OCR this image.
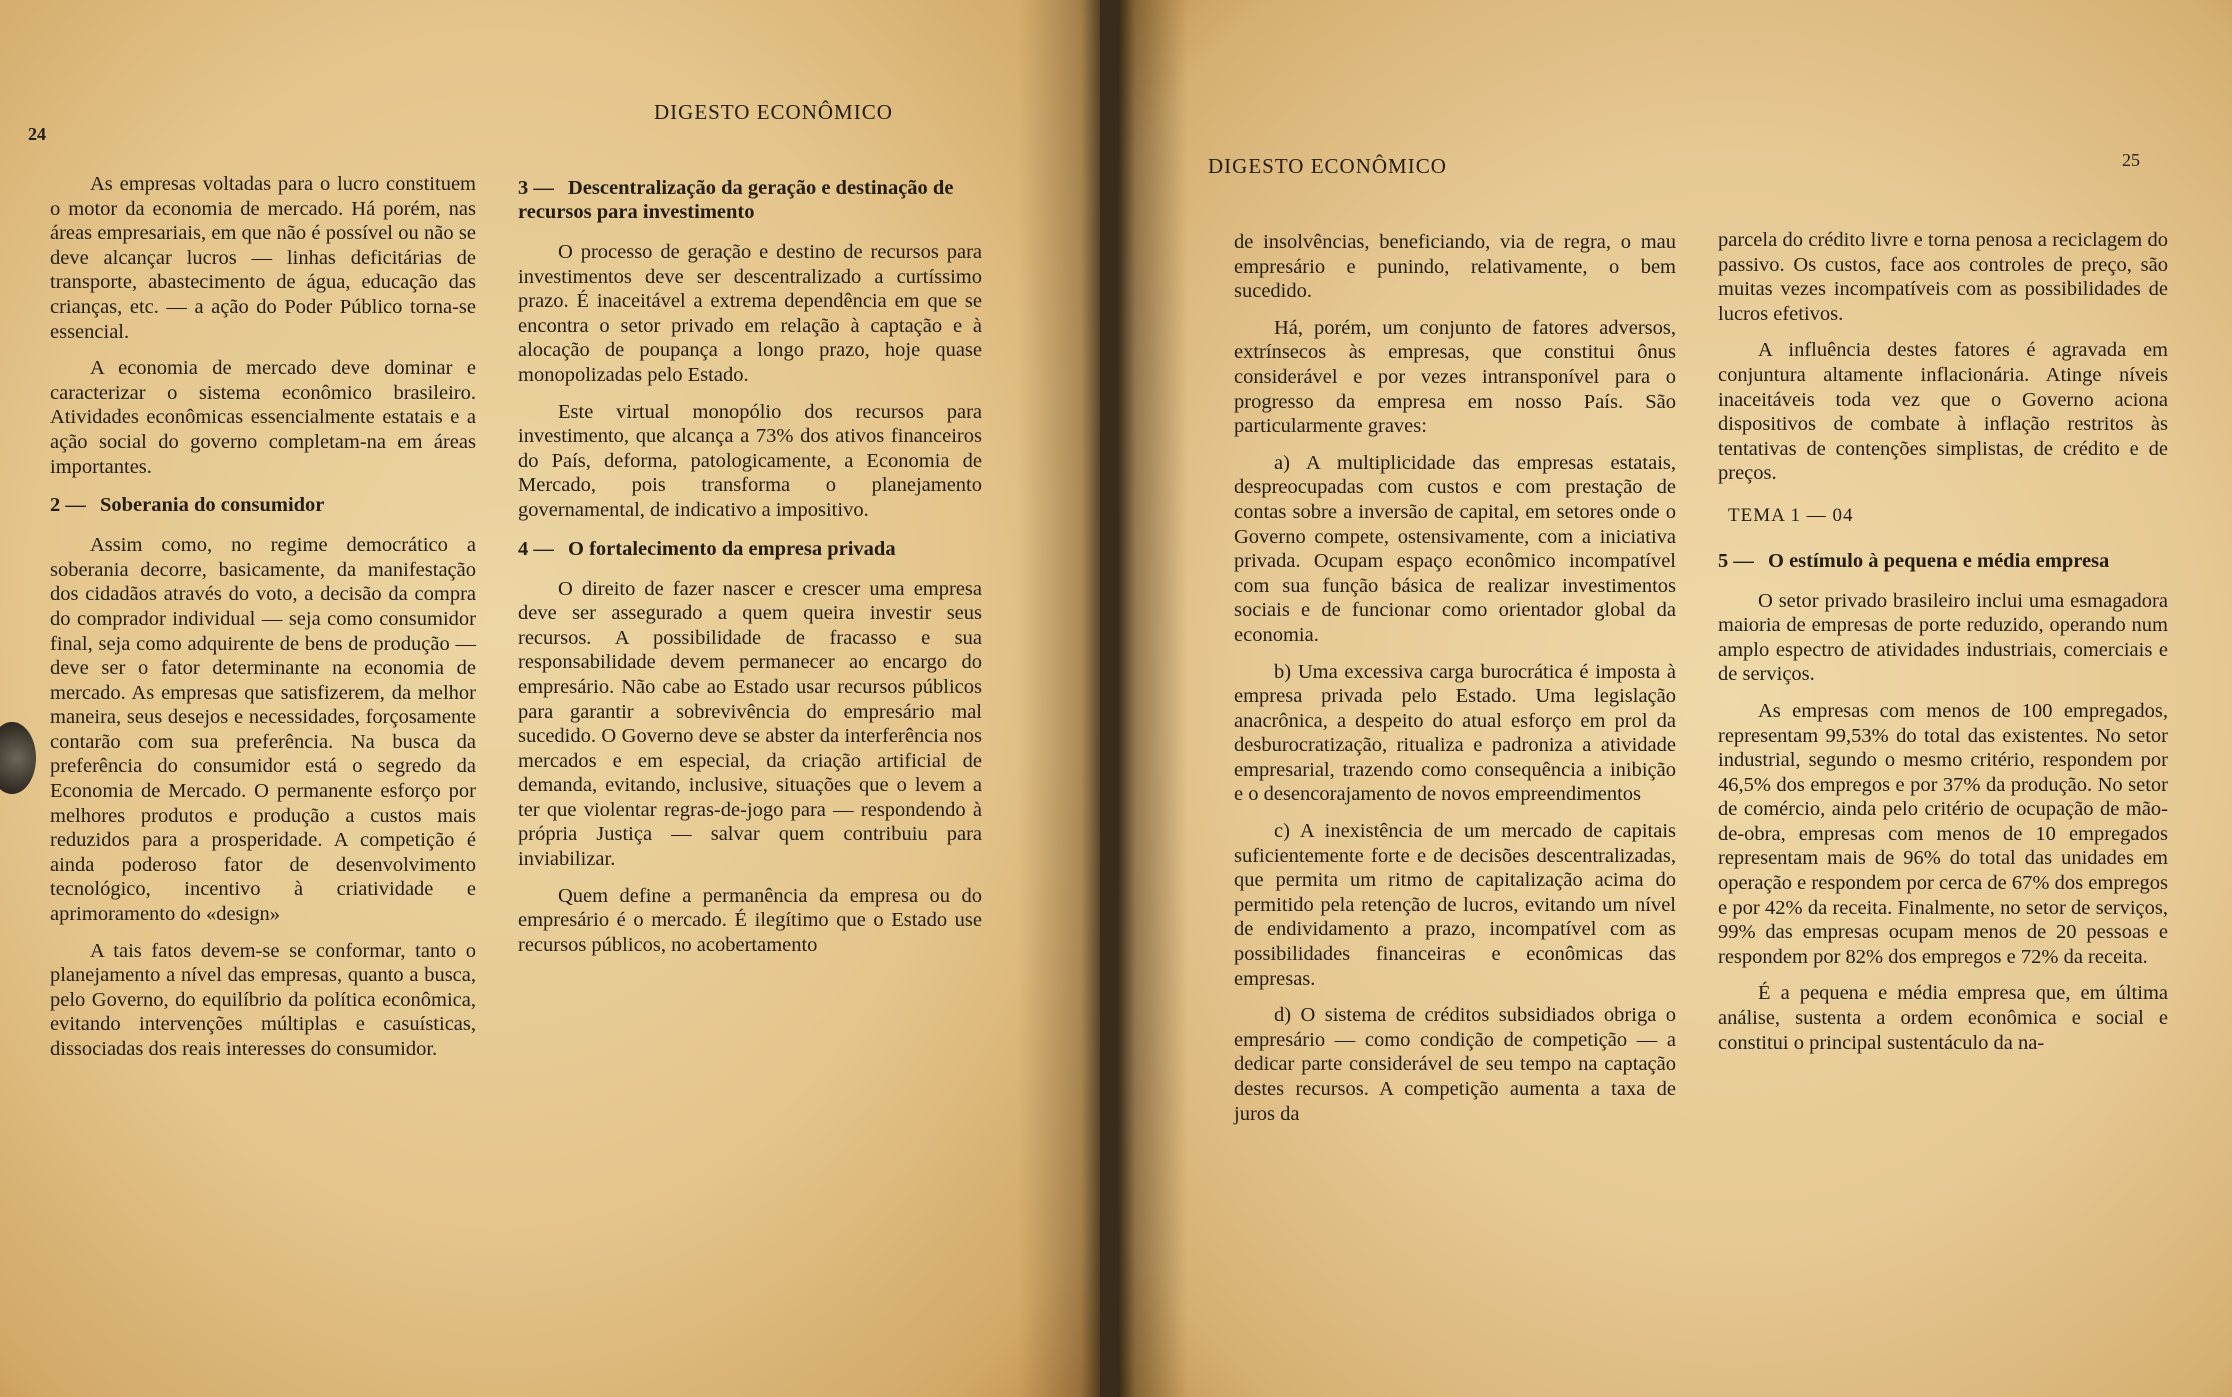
24
DIGESTO ECONÔMICO

As empresas voltadas para o lucro constituem o motor da economia de mercado. Há porém, nas áreas empresariais, em que não é possível ou não se deve alcançar lucros — linhas deficitárias de transporte, abastecimento de água, educação das crianças, etc. — a ação do Poder Público torna-se essencial.

A economia de mercado deve dominar e caracterizar o sistema econômico brasileiro. Atividades econômicas essencialmente estatais e a ação social do governo completam-na em áreas importantes.

2 — Soberania do consumidor

Assim como, no regime democrático a soberania decorre, basicamente, da manifestação dos cidadãos através do voto, a decisão da compra do comprador individual — seja como consumidor final, seja como adquirente de bens de produção — deve ser o fator determinante na economia de mercado. As empresas que satisfizerem, da melhor maneira, seus desejos e necessidades, forçosamente contarão com sua preferência. Na busca da preferência do consumidor está o segredo da Economia de Mercado. O permanente esforço por melhores produtos e produção a custos mais reduzidos para a prosperidade. A competição é ainda poderoso fator de desenvolvimento tecnológico, incentivo à criatividade e aprimoramento do «design»

A tais fatos devem-se se conformar, tanto o planejamento a nível das empresas, quanto a busca, pelo Governo, do equilíbrio da política econômica, evitando intervenções múltiplas e casuísticas, dissociadas dos reais interesses do consumidor.

3 — Descentralização da geração e destinação de recursos para investimento

O processo de geração e destino de recursos para investimentos deve ser descentralizado a curtíssimo prazo. É inaceitável a extrema dependência em que se encontra o setor privado em relação à captação e à alocação de poupança a longo prazo, hoje quase monopolizadas pelo Estado.

Este virtual monopólio dos recursos para investimento, que alcança a 73% dos ativos financeiros do País, deforma, patologicamente, a Economia de Mercado, pois transforma o planejamento governamental, de indicativo a impositivo.

4 — O fortalecimento da empresa privada

O direito de fazer nascer e crescer uma empresa deve ser assegurado a quem queira investir seus recursos. A possibilidade de fracasso e sua responsabilidade devem permanecer ao encargo do empresário. Não cabe ao Estado usar recursos públicos para garantir a sobrevivência do empresário mal sucedido. O Governo deve se abster da interferência nos mercados e em especial, da criação artificial de demanda, evitando, inclusive, situações que o levem a ter que violentar regras-de-jogo para — respondendo à própria Justiça — salvar quem contribuiu para inviabilizar.

Quem define a permanência da empresa ou do empresário é o mercado. É ilegítimo que o Estado use recursos públicos, no acobertamento

DIGESTO ECONÔMICO	25

de insolvências, beneficiando, via de regra, o mau empresário e punindo, relativamente, o bem sucedido.

Há, porém, um conjunto de fatores adversos, extrínsecos às empresas, que constitui ônus considerável e por vezes intransponível para o progresso da empresa em nosso País. São particularmente graves:

a) A multiplicidade das empresas estatais, despreocupadas com custos e com prestação de contas sobre a inversão de capital, em setores onde o Governo compete, ostensivamente, com a iniciativa privada. Ocupam espaço econômico incompatível com sua função básica de realizar investimentos sociais e de funcionar como orientador global da economia.

b) Uma excessiva carga burocrática é imposta à empresa privada pelo Estado. Uma legislação anacrônica, a despeito do atual esforço em prol da desburocratização, ritualiza e padroniza a atividade empresarial, trazendo como consequência a inibição e o desencorajamento de novos empreendimentos

c) A inexistência de um mercado de capitais suficientemente forte e de decisões descentralizadas, que permita um ritmo de capitalização acima do permitido pela retenção de lucros, evitando um nível de endividamento a prazo, incompatível com as possibilidades financeiras e econômicas das empresas.

d) O sistema de créditos subsidiados obriga o empresário — como condição de competição — a dedicar parte considerável de seu tempo na captação destes recursos. A competição aumenta a taxa de juros da

parcela do crédito livre e torna penosa a reciclagem do passivo. Os custos, face aos controles de preço, são muitas vezes incompatíveis com as possibilidades de lucros efetivos.

A influência destes fatores é agravada em conjuntura altamente inflacionária. Atinge níveis inaceitáveis toda vez que o Governo aciona dispositivos de combate à inflação restritos às tentativas de contenções simplistas, de crédito e de preços.

TEMA 1 — 04
5 — O estímulo à pequena e média empresa

O setor privado brasileiro inclui uma esmagadora maioria de empresas de porte reduzido, operando num amplo espectro de atividades industriais, comerciais e de serviços.

As empresas com menos de 100 empregados, representam 99,53% do total das existentes. No setor industrial, segundo o mesmo critério, respondem por 46,5% dos empregos e por 37% da produção. No setor de comércio, ainda pelo critério de ocupação de mão-de-obra, empresas com menos de 10 empregados representam mais de 96% do total das unidades em operação e respondem por cerca de 67% dos empregos e por 42% da receita. Finalmente, no setor de serviços, 99% das empresas ocupam menos de 20 pessoas e respondem por 82% dos empregos e 72% da receita.

É a pequena e média empresa que, em última análise, sustenta a ordem econômica e social e constitui o principal sustentáculo da na-
